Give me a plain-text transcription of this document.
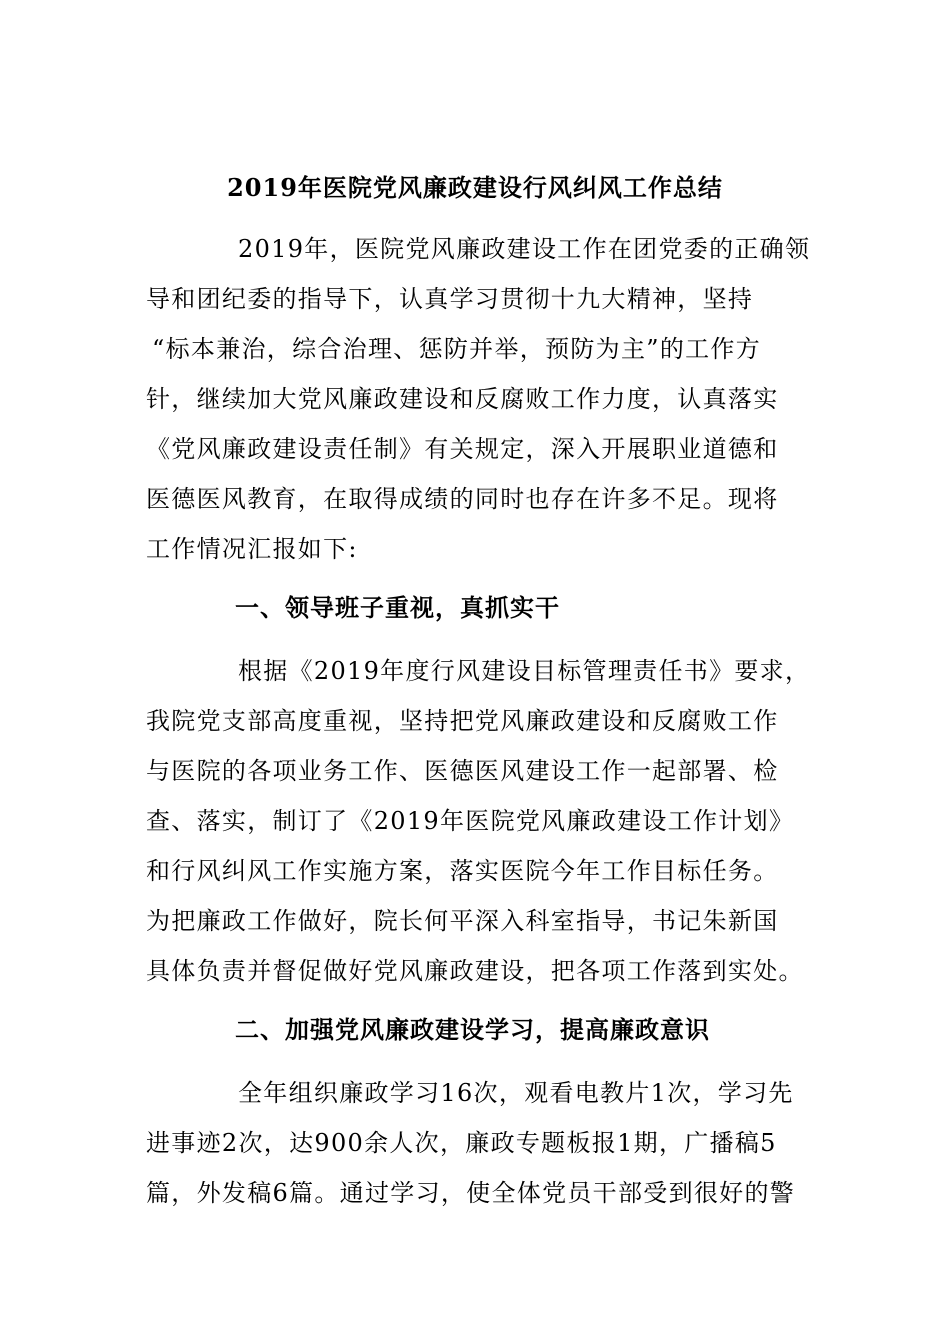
2019年医院党风廉政建设行风纠风工作总结
2019年，医院党风廉政建设工作在团党委的正确领
导和团纪委的指导下，认真学习贯彻十九大精神，坚持
“标本兼治，综合治理、惩防并举，预防为主”的工作方
针，继续加大党风廉政建设和反腐败工作力度，认真落实
《党风廉政建设责任制》有关规定，深入开展职业道德和
医德医风教育，在取得成绩的同时也存在许多不足。现将
工作情况汇报如下:
一、领导班子重视，真抓实干
根据《2019年度行风建设目标管理责任书》要求，
我院党支部高度重视，坚持把党风廉政建设和反腐败工作
与医院的各项业务工作、医德医风建设工作一起部署、检
查、落实，制订了《2019年医院党风廉政建设工作计划》
和行风纠风工作实施方案，落实医院今年工作目标任务。
为把廉政工作做好，院长何平深入科室指导，书记朱新国
具体负责并督促做好党风廉政建设，把各项工作落到实处。
二、加强党风廉政建设学习，提高廉政意识
全年组织廉政学习16次，观看电教片1次，学习先
进事迹2次，达900余人次，廉政专题板报1期，广播稿5
篇，外发稿6篇。通过学习，使全体党员干部受到很好的警
